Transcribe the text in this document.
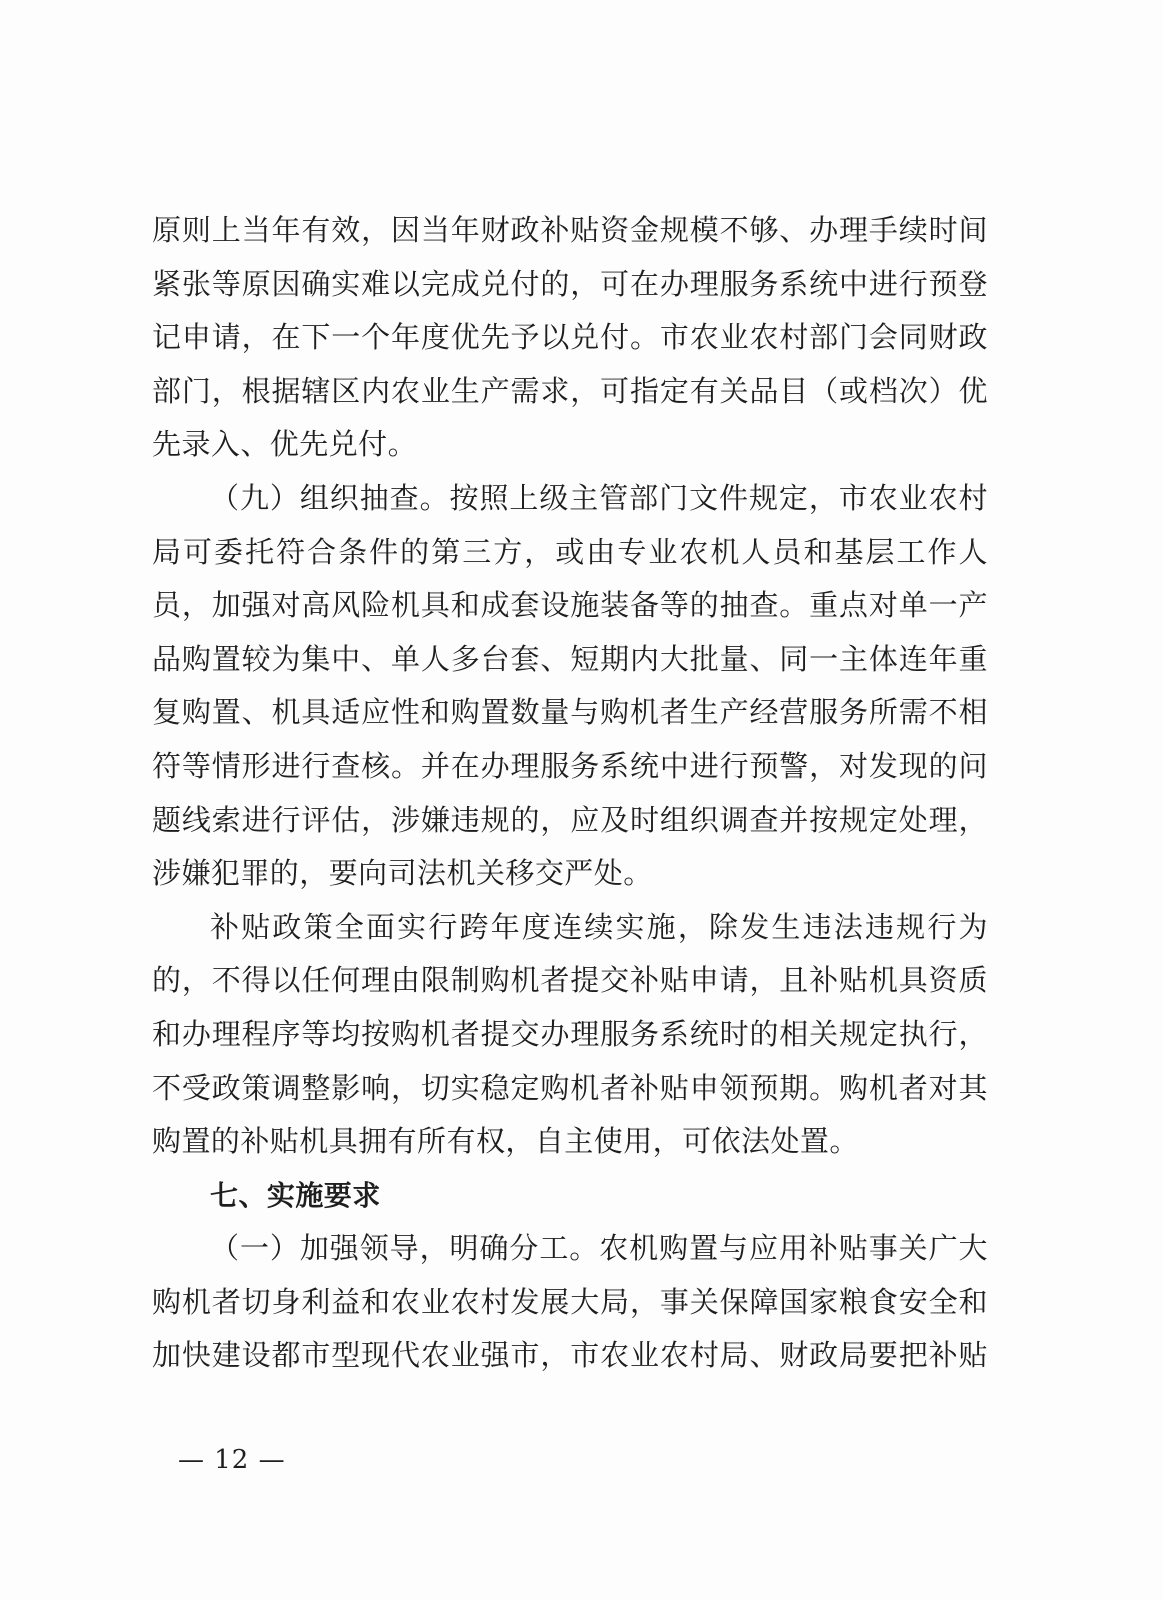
原则上当年有效，因当年财政补贴资金规模不够、办理手续时间
紧张等原因确实难以完成兑付的，可在办理服务系统中进行预登
记申请，在下一个年度优先予以兑付。市农业农村部门会同财政
部门，根据辖区内农业生产需求，可指定有关品目（或档次）优
先录入、优先兑付。
（九）组织抽查。按照上级主管部门文件规定，市农业农村
局可委托符合条件的第三方，或由专业农机人员和基层工作人
员，加强对高风险机具和成套设施装备等的抽查。重点对单一产
品购置较为集中、单人多台套、短期内大批量、同一主体连年重
复购置、机具适应性和购置数量与购机者生产经营服务所需不相
符等情形进行查核。并在办理服务系统中进行预警，对发现的问
题线索进行评估，涉嫌违规的，应及时组织调查并按规定处理，
涉嫌犯罪的，要向司法机关移交严处。
补贴政策全面实行跨年度连续实施，除发生违法违规行为
的，不得以任何理由限制购机者提交补贴申请，且补贴机具资质
和办理程序等均按购机者提交办理服务系统时的相关规定执行，
不受政策调整影响，切实稳定购机者补贴申领预期。购机者对其
购置的补贴机具拥有所有权，自主使用，可依法处置。
七、实施要求
（一）加强领导，明确分工。农机购置与应用补贴事关广大
购机者切身利益和农业农村发展大局，事关保障国家粮食安全和
加快建设都市型现代农业强市，市农业农村局、财政局要把补贴
— 12 —
